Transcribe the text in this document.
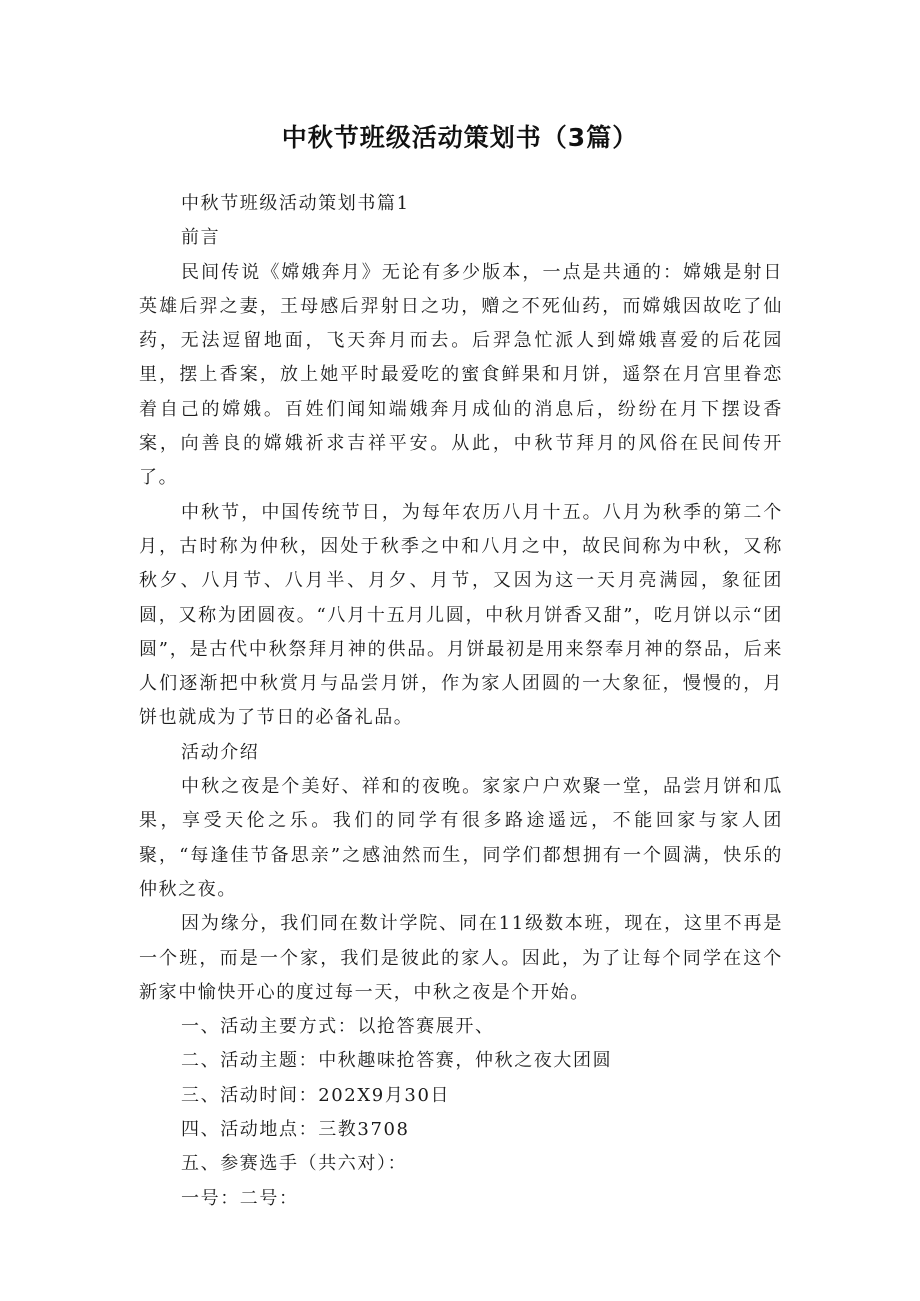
中秋节班级活动策划书（3篇）

中秋节班级活动策划书篇1

前言

民间传说《嫦娥奔月》无论有多少版本，一点是共通的：嫦娥是射日英雄后羿之妻，王母感后羿射日之功，赠之不死仙药，而嫦娥因故吃了仙药，无法逗留地面，飞天奔月而去。后羿急忙派人到嫦娥喜爱的后花园里，摆上香案，放上她平时最爱吃的蜜食鲜果和月饼，遥祭在月宫里眷恋着自己的嫦娥。百姓们闻知端娥奔月成仙的消息后，纷纷在月下摆设香案，向善良的嫦娥祈求吉祥平安。从此，中秋节拜月的风俗在民间传开了。

中秋节，中国传统节日，为每年农历八月十五。八月为秋季的第二个月，古时称为仲秋，因处于秋季之中和八月之中，故民间称为中秋，又称秋夕、八月节、八月半、月夕、月节，又因为这一天月亮满园，象征团圆，又称为团圆夜。“八月十五月儿圆，中秋月饼香又甜”，吃月饼以示“团圆”，是古代中秋祭拜月神的供品。月饼最初是用来祭奉月神的祭品，后来人们逐渐把中秋赏月与品尝月饼，作为家人团圆的一大象征，慢慢的，月饼也就成为了节日的必备礼品。

活动介绍

中秋之夜是个美好、祥和的夜晚。家家户户欢聚一堂，品尝月饼和瓜果，享受天伦之乐。我们的同学有很多路途遥远，不能回家与家人团聚，“每逢佳节备思亲”之感油然而生，同学们都想拥有一个圆满，快乐的仲秋之夜。

因为缘分，我们同在数计学院、同在11级数本班，现在，这里不再是一个班，而是一个家，我们是彼此的家人。因此，为了让每个同学在这个新家中愉快开心的度过每一天，中秋之夜是个开始。

一、活动主要方式：以抢答赛展开、

二、活动主题：中秋趣味抢答赛，仲秋之夜大团圆

三、活动时间：202X9月30日

四、活动地点：三教3708

五、参赛选手（共六对）：

一号：二号：
